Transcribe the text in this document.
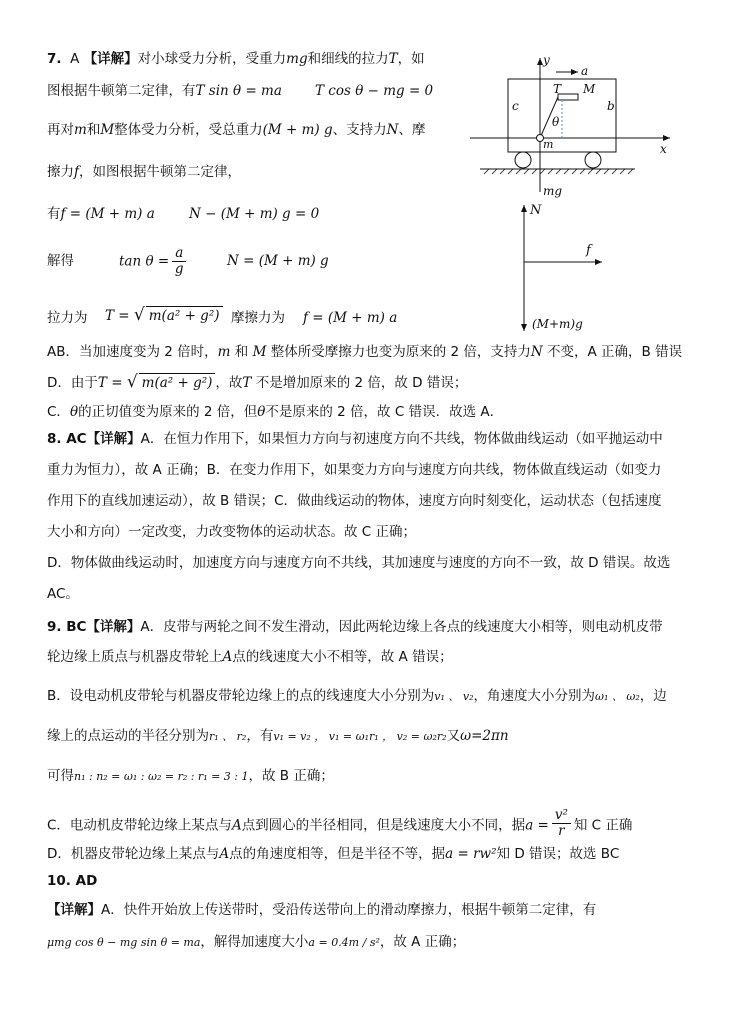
7. A 【详解】对小球受力分析，受重力mg和细线的拉力T，如
图根据牛顿第二定律，有T sin θ = ma T cos θ − mg = 0
再对m和M整体受力分析，受总重力(M + m) g、支持力N、摩
擦力f，如图根据牛顿第二定律，
有f = (M + m) a	N − (M + m) g = 0
解得	$\tan \theta = \frac{a}{g}$	N = (M + m) g
拉力为 T = √ m(a² + g²) 摩擦力为 f = (M + m) a
AB．当加速度变为 2 倍时，m 和 M 整体所受摩擦力也变为原来的 2 倍，支持力N 不变，A 正确，B 错误
D．由于T = √ m(a² + g²) ，故T 不是增加原来的 2 倍，故 D 错误；
C．θ的正切值变为原来的 2 倍，但θ不是原来的 2 倍，故 C 错误．故选 A．
8. AC【详解】A．在恒力作用下，如果恒力方向与初速度方向不共线，物体做曲线运动（如平抛运动中
重力为恒力），故 A 正确；B．在变力作用下，如果变力方向与速度方向共线，物体做直线运动（如变力
作用下的直线加速运动），故 B 错误；C．做曲线运动的物体，速度方向时刻变化，运动状态（包括速度
大小和方向）一定改变，力改变物体的运动状态。故 C 正确；
D．物体做曲线运动时，加速度方向与速度方向不共线，其加速度与速度的方向不一致，故 D 错误。故选
AC。
9. BC【详解】A．皮带与两轮之间不发生滑动，因此两轮边缘上各点的线速度大小相等，则电动机皮带
轮边缘上质点与机器皮带轮上A点的线速度大小不相等，故 A 错误；
B．设电动机皮带轮与机器皮带轮边缘上的点的线速度大小分别为v₁ 、 v₂，角速度大小分别为ω₁ 、 ω₂，边
缘上的点运动的半径分别为r₁ 、 r₂，有v₁ = v₂ ， v₁ = ω₁r₁ ， v₂ = ω₂r₂又ω=2πn
可得n₁ : n₂ = ω₁ : ω₂ = r₂ : r₁ = 3 : 1，故 B 正确；
C．电动机皮带轮边缘上某点与A点到圆心的半径相同，但是线速度大小不同，据$a = \frac{\text{v²}}{r}$ 知 C 正确
D．机器皮带轮边缘上某点与A点的角速度相等，但是半径不等，据a = rw²知 D 错误；故选 BC
10. AD
【详解】A．快件开始放上传送带时，受沿传送带向上的滑动摩擦力，根据牛顿第二定律，有
μmg cos θ − mg sin θ = ma，解得加速度大小a = 0.4m / s²，故 A 正确；
y
a
T M
c	b
θ
m	x
mg
N
f
(M+m)g
